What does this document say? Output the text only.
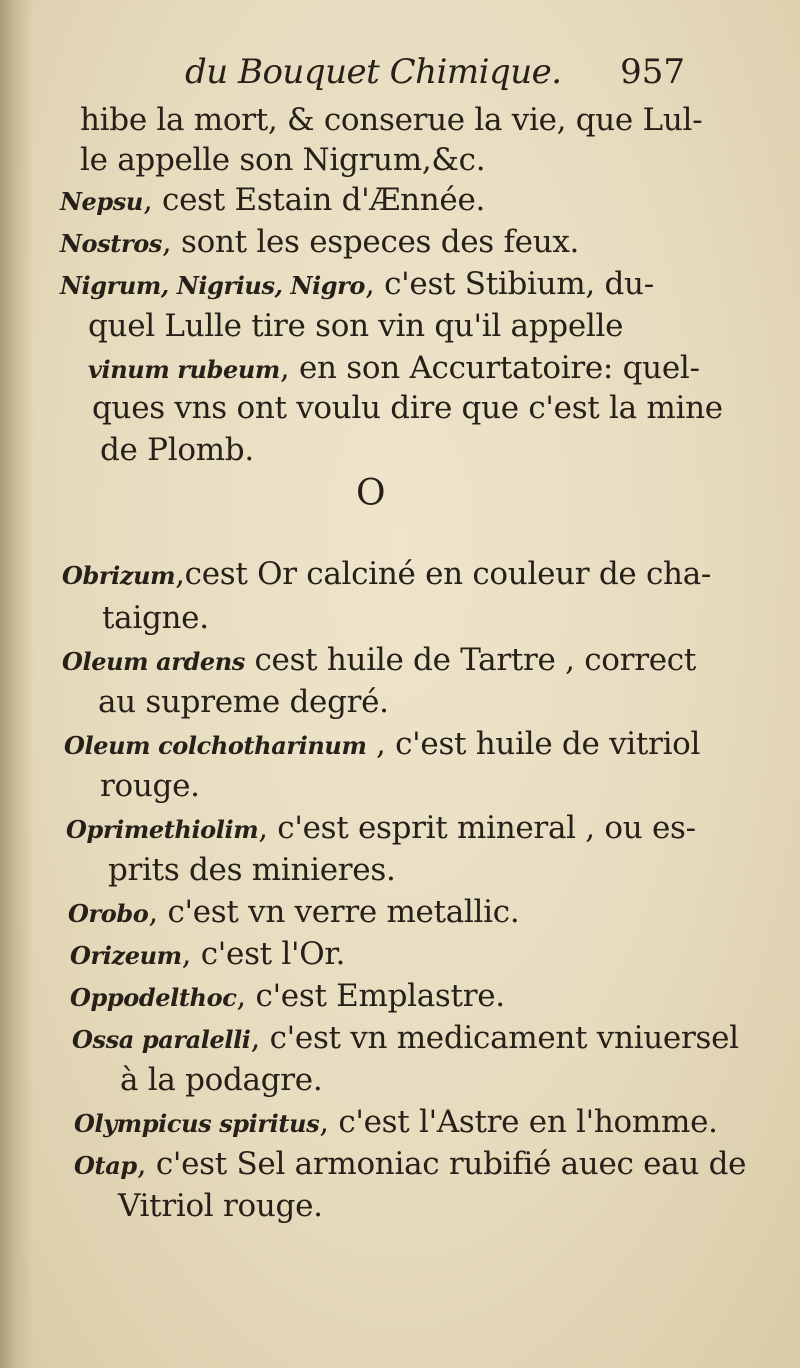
du Bouquet Chimique. 957
hibe la mort, & conserue la vie, que Lul-
le appelle son Nigrum,&c.
Nepsu, cest Estain d'Ænnée.
Nostros, sont les especes des feux.
Nigrum, Nigrius, Nigro, c'est Stibium, du-
quel Lulle tire son vin qu'il appelle
vinum rubeum, en son Accurtatoire: quel-
ques vns ont voulu dire que c'est la mine
de Plomb.
O
Obrizum,cest Or calciné en couleur de cha-
taigne.
Oleum ardens cest huile de Tartre , correct
au supreme degré.
Oleum colchotharinum , c'est huile de vitriol
rouge.
Oprimethiolim, c'est esprit mineral , ou es-
prits des minieres.
Orobo, c'est vn verre metallic.
Orizeum, c'est l'Or.
Oppodelthoc, c'est Emplastre.
Ossa paralelli, c'est vn medicament vniuersel
à la podagre.
Olympicus spiritus, c'est l'Astre en l'homme.
Otap, c'est Sel armoniac rubifié auec eau de
Vitriol rouge.
